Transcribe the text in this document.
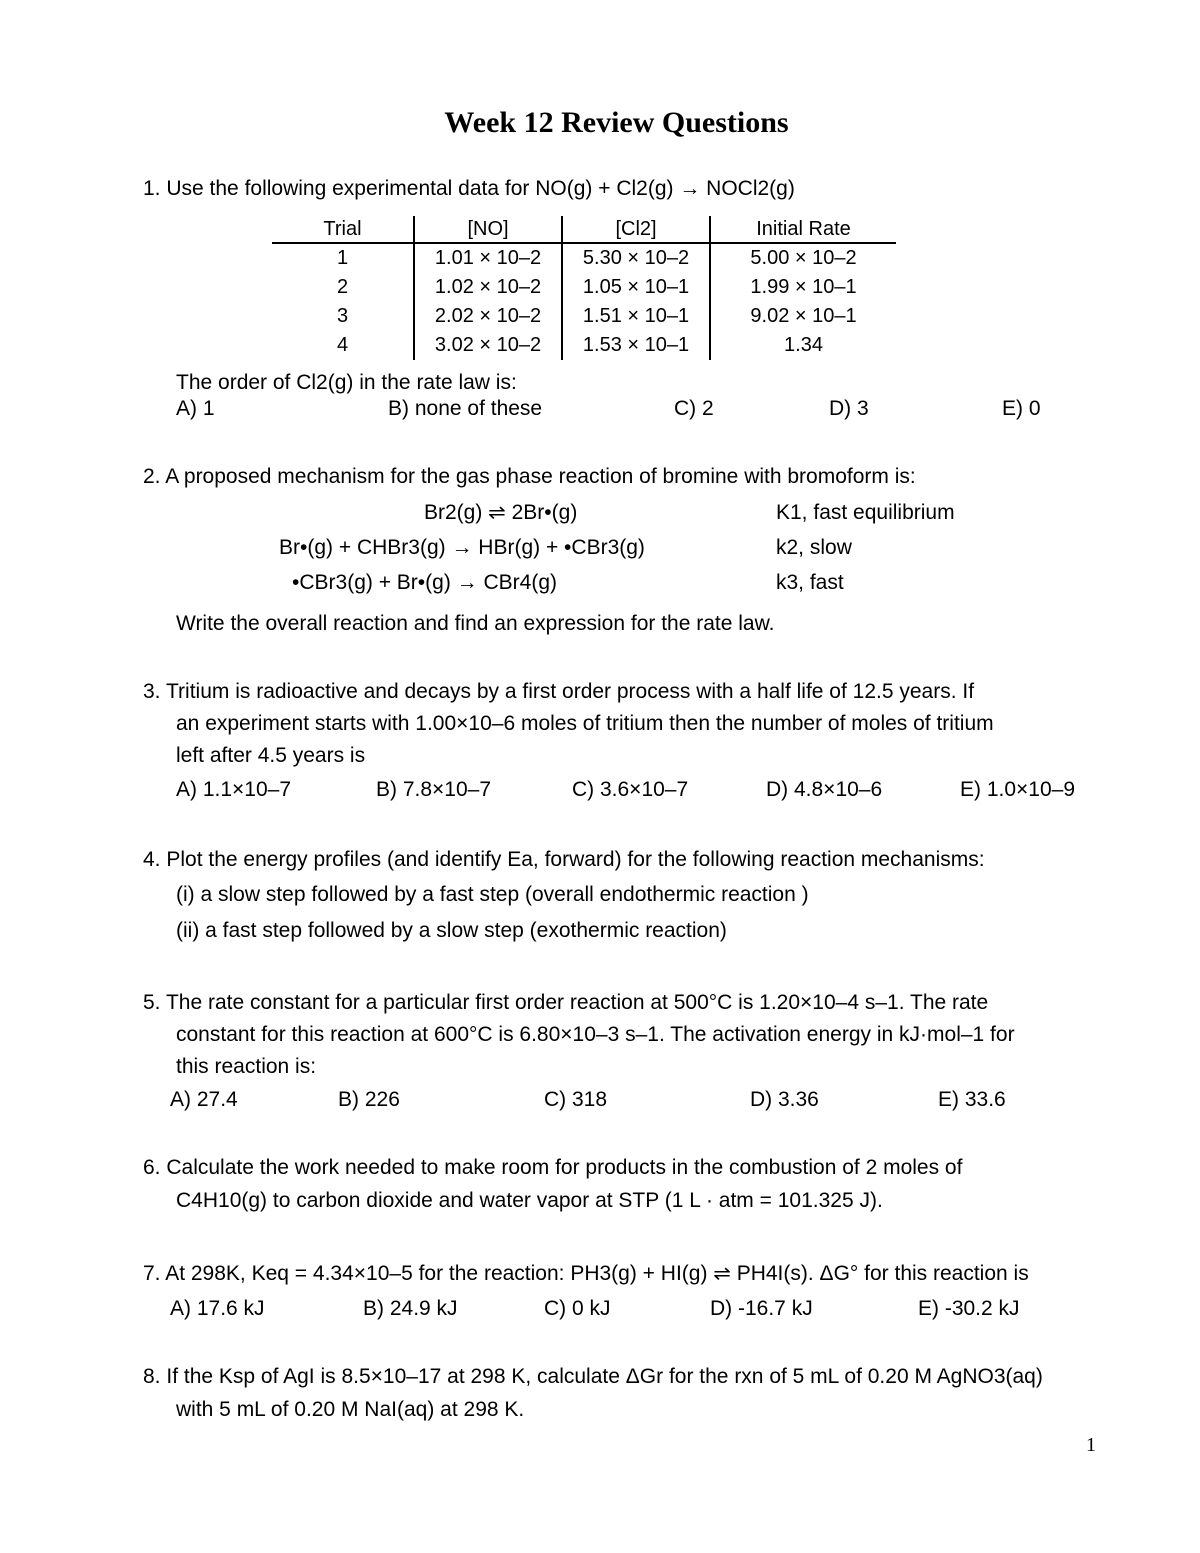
Week 12 Review Questions
1. Use the following experimental data for NO(g) + Cl2(g) → NOCl2(g)
Trial	[NO]	[Cl2]	Initial Rate
1	1.01 × 10–2	5.30 × 10–2	5.00 × 10–2
2	1.02 × 10–2	1.05 × 10–1	1.99 × 10–1
3	2.02 × 10–2	1.51 × 10–1	9.02 × 10–1
4	3.02 × 10–2	1.53 × 10–1	1.34
The order of Cl2(g) in the rate law is:
A) 1	B) none of these	C) 2	D) 3	E) 0
2. A proposed mechanism for the gas phase reaction of bromine with bromoform is:
Br2(g) ⇌ 2Br•(g)	K1, fast equilibrium
Br•(g) + CHBr3(g) → HBr(g) + •CBr3(g)	k2, slow
•CBr3(g) + Br•(g) → CBr4(g)	k3, fast
Write the overall reaction and find an expression for the rate law.
3. Tritium is radioactive and decays by a first order process with a half life of 12.5 years. If
an experiment starts with 1.00×10–6 moles of tritium then the number of moles of tritium
left after 4.5 years is
A) 1.1×10–7	B) 7.8×10–7	C) 3.6×10–7	D) 4.8×10–6	E) 1.0×10–9
4. Plot the energy profiles (and identify Ea, forward) for the following reaction mechanisms:
(i) a slow step followed by a fast step (overall endothermic reaction )
(ii) a fast step followed by a slow step (exothermic reaction)
5. The rate constant for a particular first order reaction at 500°C is 1.20×10–4 s–1. The rate
constant for this reaction at 600°C is 6.80×10–3 s–1. The activation energy in kJ·mol–1 for
this reaction is:
A) 27.4	B) 226	C) 318	D) 3.36	E) 33.6
6. Calculate the work needed to make room for products in the combustion of 2 moles of
C4H10(g) to carbon dioxide and water vapor at STP (1 L · atm = 101.325 J).
7. At 298K, Keq = 4.34×10–5 for the reaction: PH3(g) + HI(g) ⇌ PH4I(s). ΔG° for this reaction is
A) 17.6 kJ	B) 24.9 kJ	C) 0 kJ	D) -16.7 kJ	E) -30.2 kJ
8. If the Ksp of AgI is 8.5×10–17 at 298 K, calculate ΔGr for the rxn of 5 mL of 0.20 M AgNO3(aq)
with 5 mL of 0.20 M NaI(aq) at 298 K.
1
